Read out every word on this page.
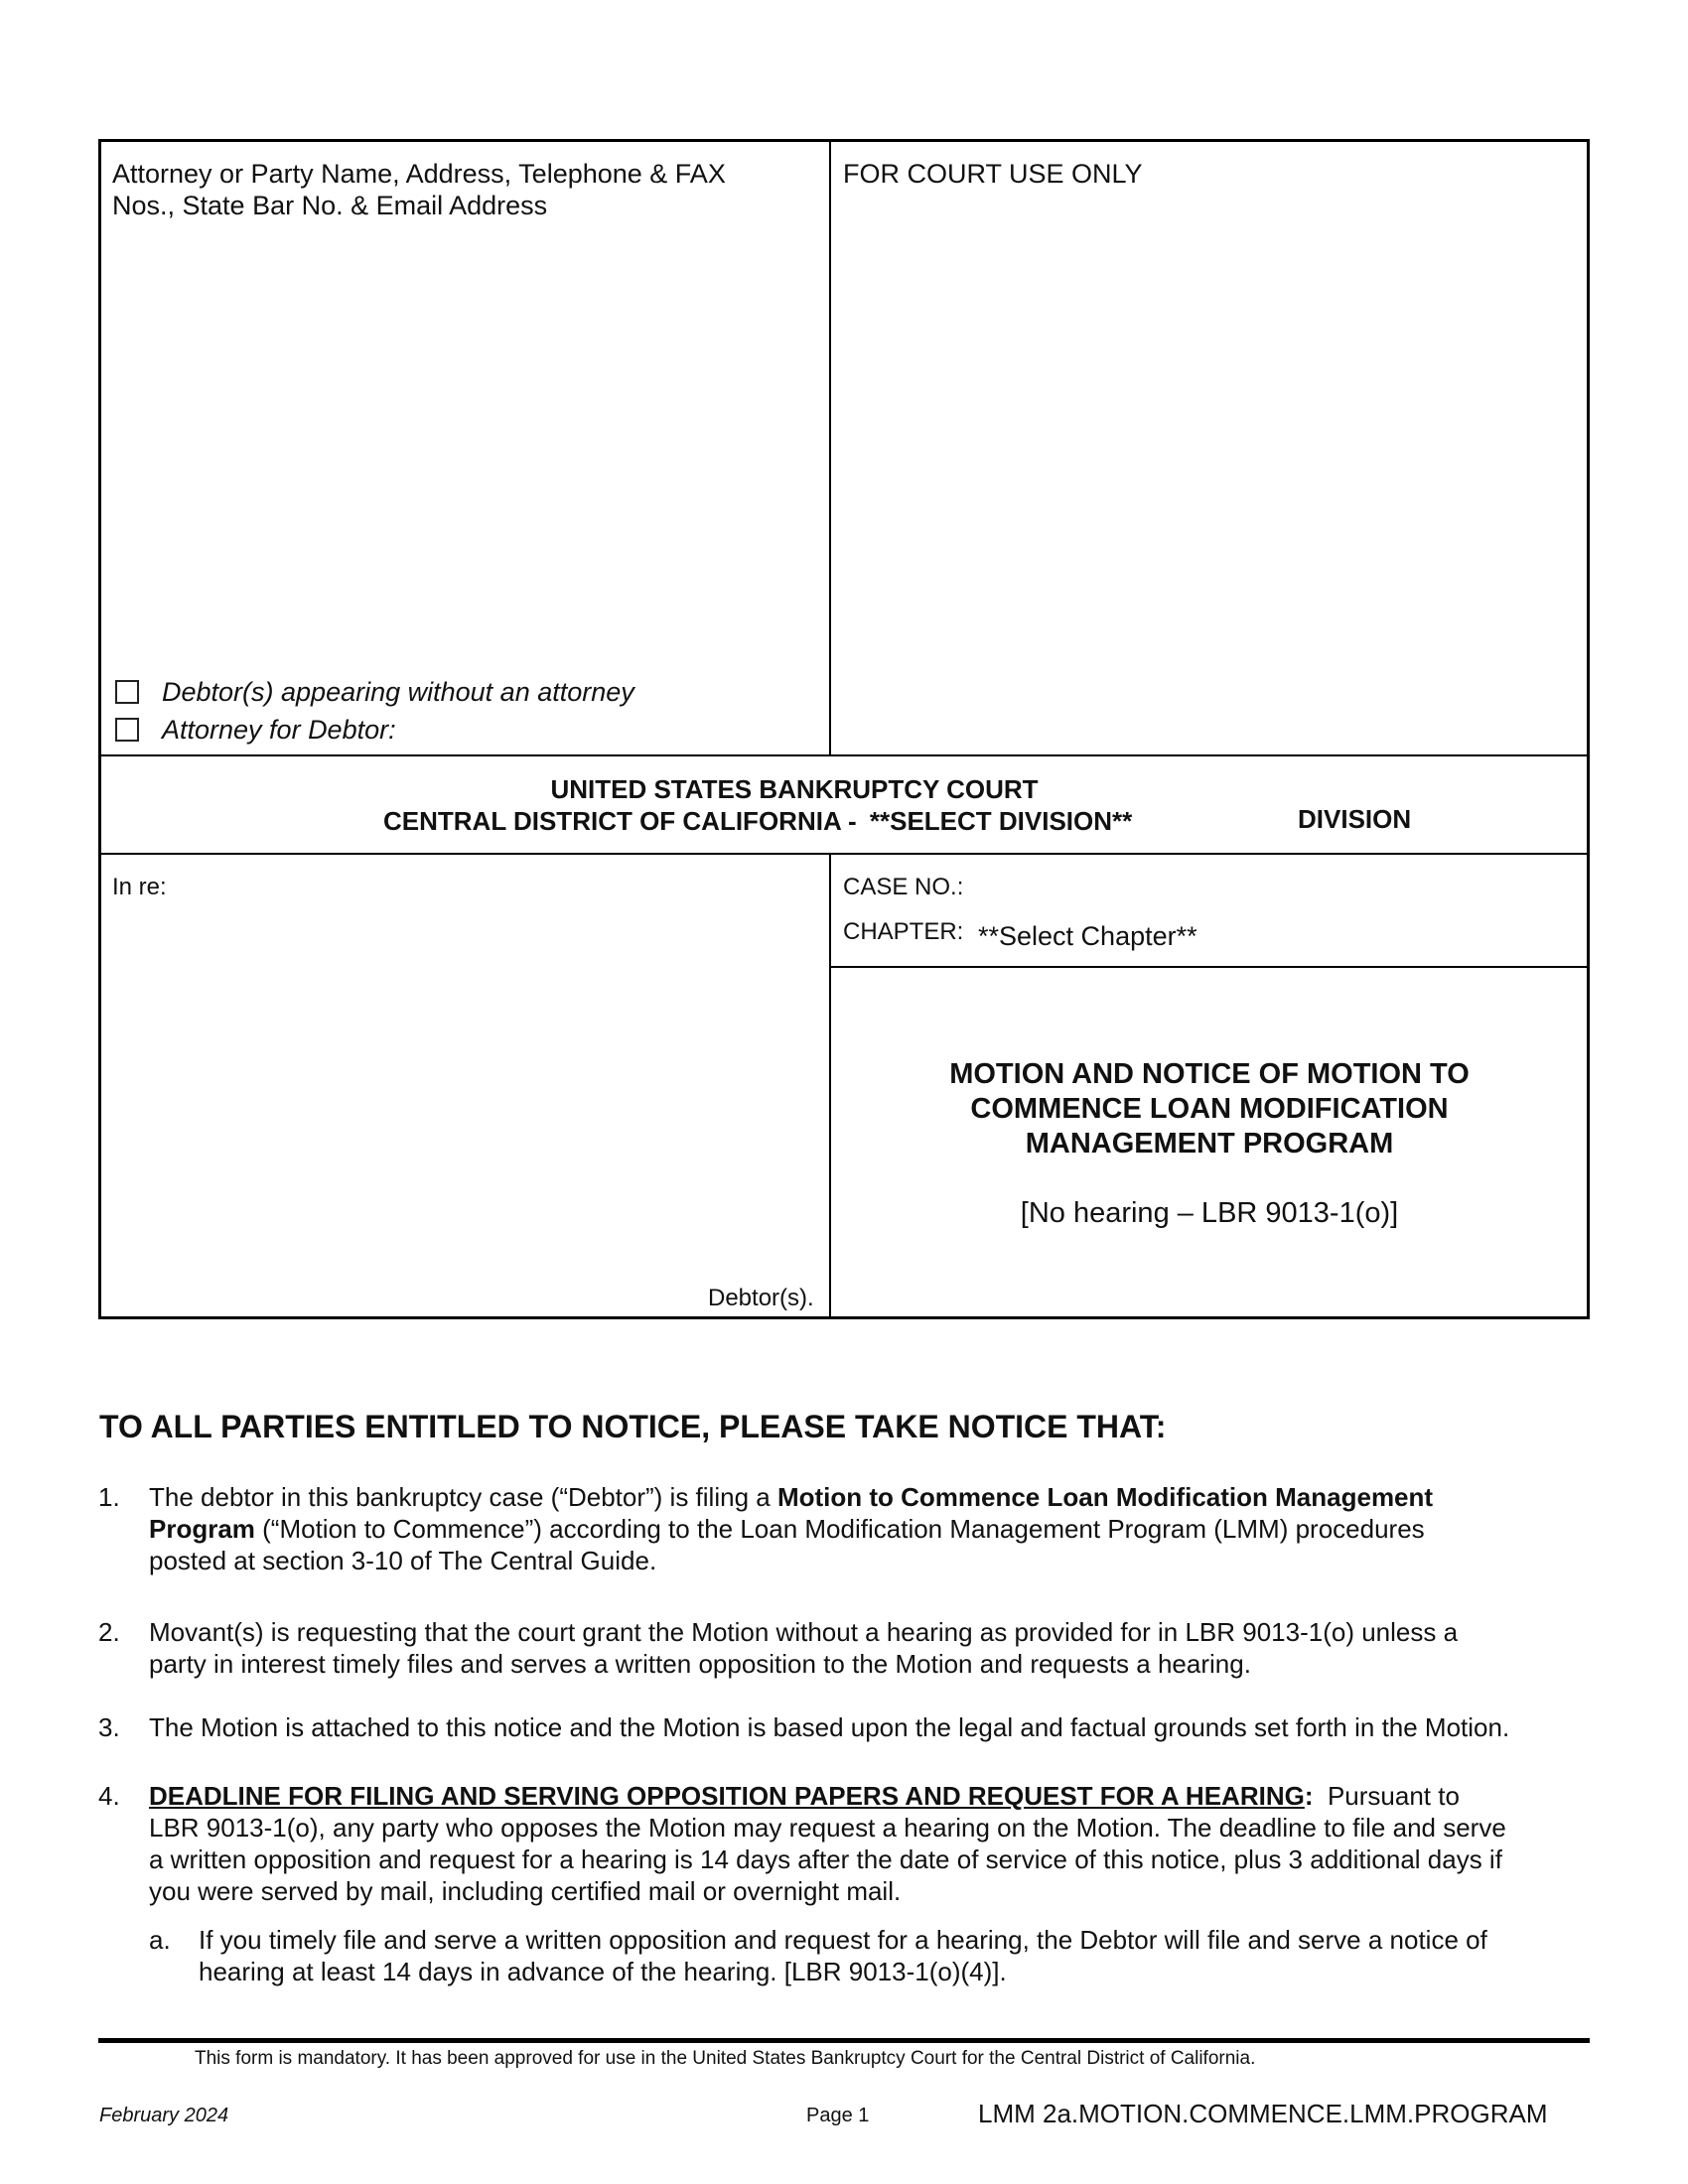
Attorney or Party Name, Address, Telephone & FAX
Nos., State Bar No. & Email Address
FOR COURT USE ONLY
Debtor(s) appearing without an attorney
Attorney for Debtor:
UNITED STATES BANKRUPTCY COURT
CENTRAL DISTRICT OF CALIFORNIA - **SELECT DIVISION**	DIVISION
In re:
Debtor(s).
CASE NO.:
CHAPTER: **Select Chapter**
MOTION AND NOTICE OF MOTION TO
COMMENCE LOAN MODIFICATION
MANAGEMENT PROGRAM
[No hearing – LBR 9013-1(o)]
TO ALL PARTIES ENTITLED TO NOTICE, PLEASE TAKE NOTICE THAT:
1. The debtor in this bankruptcy case (“Debtor”) is filing a Motion to Commence Loan Modification Management
Program (“Motion to Commence”) according to the Loan Modification Management Program (LMM) procedures
posted at section 3-10 of The Central Guide.
2. Movant(s) is requesting that the court grant the Motion without a hearing as provided for in LBR 9013-1(o) unless a
party in interest timely files and serves a written opposition to the Motion and requests a hearing.
3. The Motion is attached to this notice and the Motion is based upon the legal and factual grounds set forth in the Motion.
4. DEADLINE FOR FILING AND SERVING OPPOSITION PAPERS AND REQUEST FOR A HEARING:  Pursuant to
LBR 9013-1(o), any party who opposes the Motion may request a hearing on the Motion. The deadline to file and serve
a written opposition and request for a hearing is 14 days after the date of service of this notice, plus 3 additional days if
you were served by mail, including certified mail or overnight mail.
a. If you timely file and serve a written opposition and request for a hearing, the Debtor will file and serve a notice of
hearing at least 14 days in advance of the hearing. [LBR 9013-1(o)(4)].
This form is mandatory. It has been approved for use in the United States Bankruptcy Court for the Central District of California.
February 2024	Page 1	LMM 2a.MOTION.COMMENCE.LMM.PROGRAM
